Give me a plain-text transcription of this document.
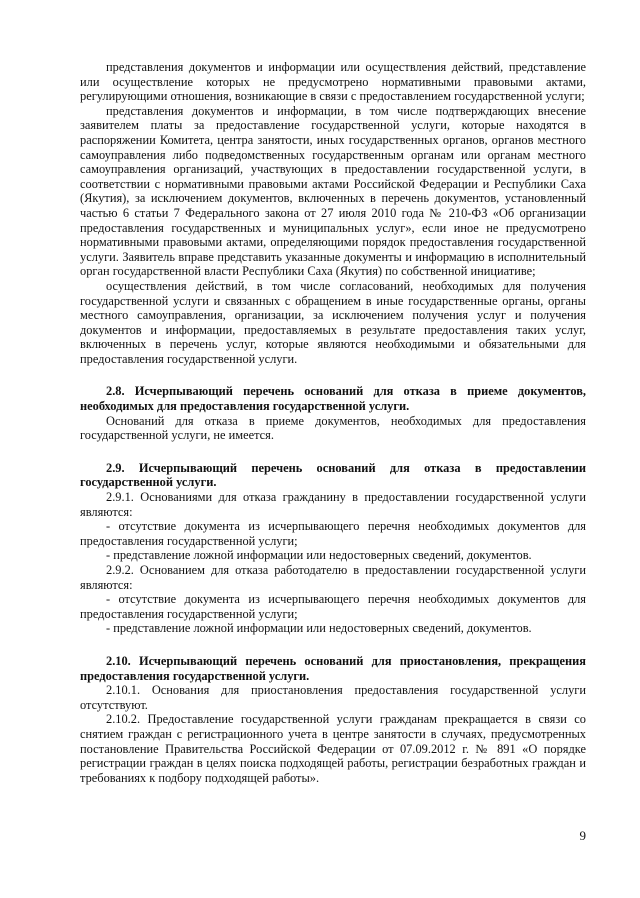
представления документов и информации или осуществления действий, представление или осуществление которых не предусмотрено нормативными правовыми актами, регулирующими отношения, возникающие в связи с предоставлением государственной услуги;

представления документов и информации, в том числе подтверждающих внесение заявителем платы за предоставление государственной услуги, которые находятся в распоряжении Комитета, центра занятости, иных государственных органов, органов местного самоуправления либо подведомственных государственным органам или органам местного самоуправления организаций, участвующих в предоставлении государственной услуги, в соответствии с нормативными правовыми актами Российской Федерации и Республики Саха (Якутия), за исключением документов, включенных в перечень документов, установленный частью 6 статьи 7 Федерального закона от 27 июля 2010 года № 210-ФЗ «Об организации предоставления государственных и муниципальных услуг», если иное не предусмотрено нормативными правовыми актами, определяющими порядок предоставления государственной услуги. Заявитель вправе представить указанные документы и информацию в исполнительный орган государственной власти Республики Саха (Якутия) по собственной инициативе;

осуществления действий, в том числе согласований, необходимых для получения государственной услуги и связанных с обращением в иные государственные органы, органы местного самоуправления, организации, за исключением получения услуг и получения документов и информации, предоставляемых в результате предоставления таких услуг, включенных в перечень услуг, которые являются необходимыми и обязательными для предоставления государственной услуги.

2.8. Исчерпывающий перечень оснований для отказа в приеме документов, необходимых для предоставления государственной услуги.

Оснований для отказа в приеме документов, необходимых для предоставления государственной услуги, не имеется.

2.9. Исчерпывающий перечень оснований для отказа в предоставлении государственной услуги.

2.9.1. Основаниями для отказа гражданину в предоставлении государственной услуги являются:

- отсутствие документа из исчерпывающего перечня необходимых документов для предоставления государственной услуги;

- представление ложной информации или недостоверных сведений, документов.

2.9.2. Основанием для отказа работодателю в предоставлении государственной услуги являются:

- отсутствие документа из исчерпывающего перечня необходимых документов для предоставления государственной услуги;

- представление ложной информации или недостоверных сведений, документов.

2.10. Исчерпывающий перечень оснований для приостановления, прекращения предоставления государственной услуги.

2.10.1. Основания для приостановления предоставления государственной услуги отсутствуют.

2.10.2. Предоставление государственной услуги гражданам прекращается в связи со снятием граждан с регистрационного учета в центре занятости в случаях, предусмотренных постановление Правительства Российской Федерации от 07.09.2012 г. № 891 «О порядке регистрации граждан в целях поиска подходящей работы, регистрации безработных граждан и требованиях к подбору подходящей работы».

9
